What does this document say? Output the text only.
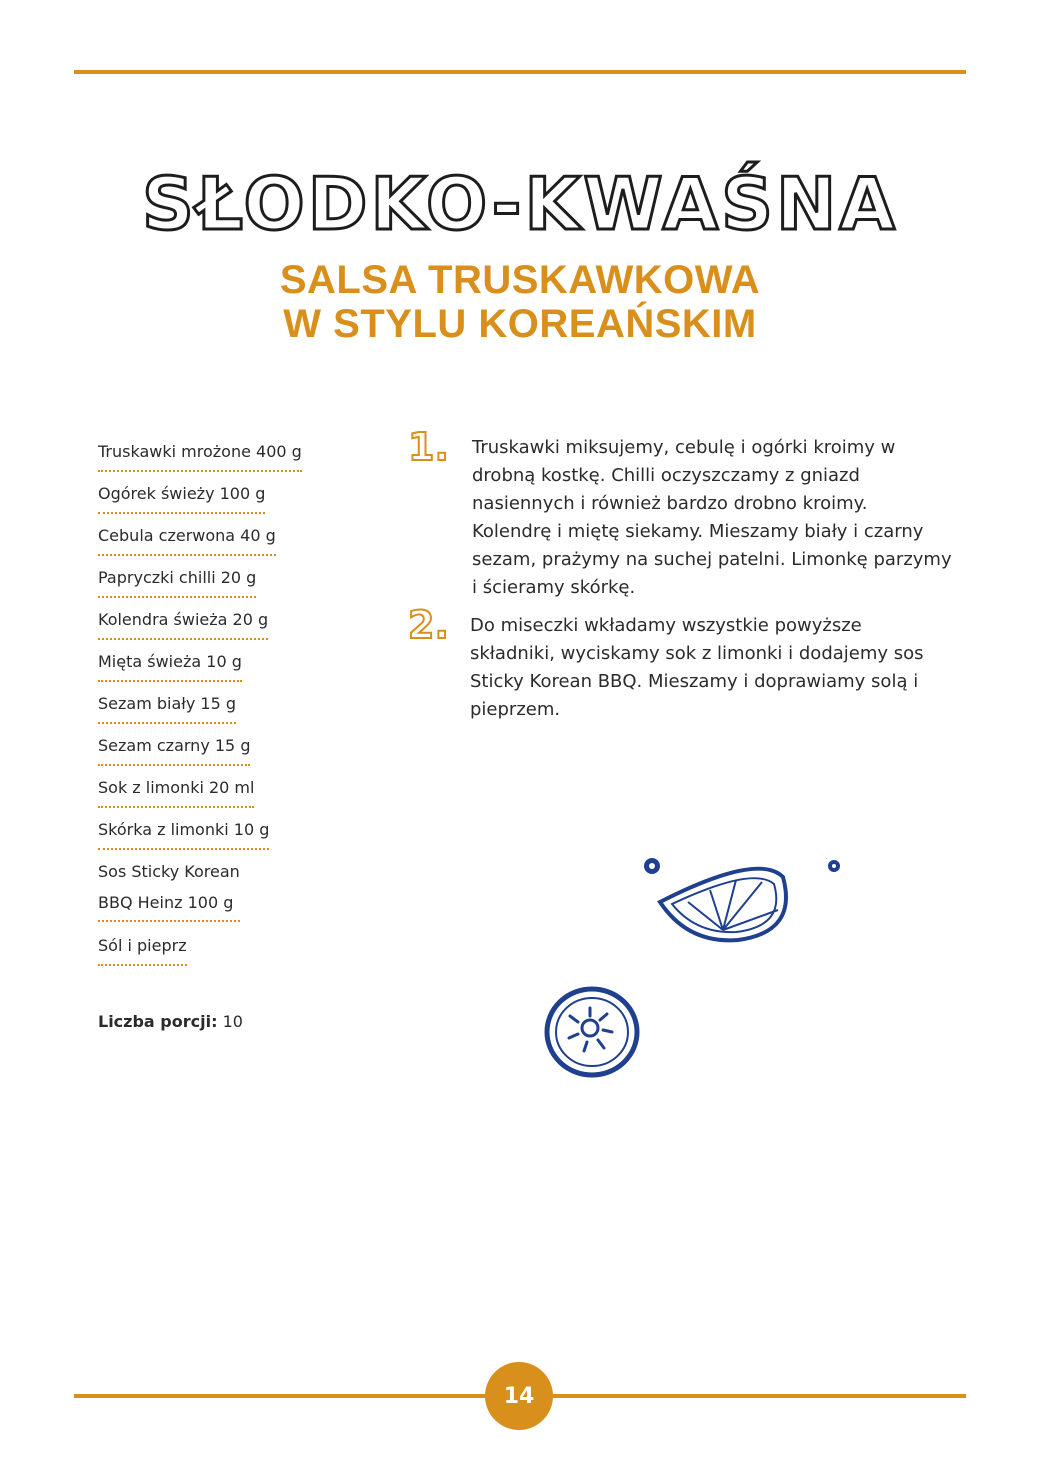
SŁODKO-KWAŚNA
SALSA TRUSKAWKOWA
W STYLU KOREAŃSKIM
Truskawki mrożone 400 g
Ogórek świeży 100 g
Cebula czerwona 40 g
Papryczki chilli 20 g
Kolendra świeża 20 g
Mięta świeża 10 g
Sezam biały 15 g
Sezam czarny 15 g
Sok z limonki 20 ml
Skórka z limonki 10 g
Sos Sticky Korean
BBQ Heinz 100 g
Sól i pieprz
Liczba porcji: 10
1. Truskawki miksujemy, cebulę i ogórki kroimy w drobną kostkę. Chilli oczyszczamy z gniazd nasiennych i również bardzo drobno kroimy. Kolendrę i miętę siekamy. Mieszamy biały i czarny sezam, prażymy na suchej patelni. Limonkę parzymy i ścieramy skórkę.

2. Do miseczki wkładamy wszystkie powyższe składniki, wyciskamy sok z limonki i dodajemy sos Sticky Korean BBQ. Mieszamy i doprawiamy solą i pieprzem.

14
